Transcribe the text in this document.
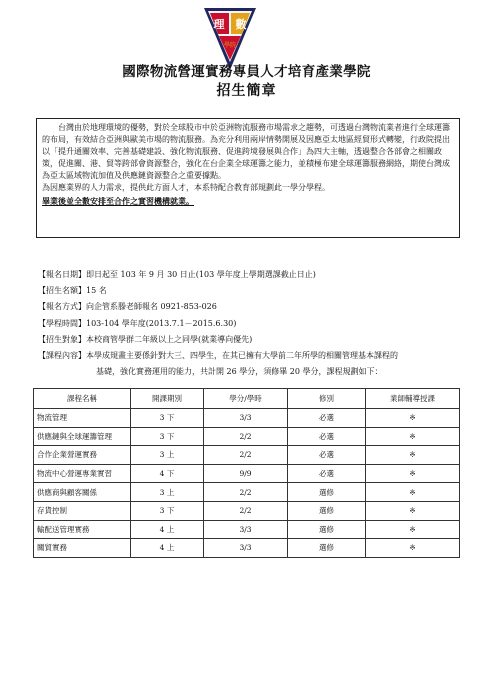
理 數
學院
國際物流營運實務專員人才培育產業學院
招生簡章

台灣由於地理環境的優勢，對於全球股市中於亞洲物流服務市場需求之趨勢，可透過台灣物流業者進行全球運籌的布局，有效結合亞洲與歐美市場的物流服務。為充分利用兩岸情勢開展及因應亞太地區經貿形式轉變，行政院提出以「提升通關效率、完善基礎建設、強化物流服務、促進跨境發展與合作」為四大主軸，透過整合各部會之相關政策，促進關、港、貿等跨部會資源整合，強化在台企業全球運籌之能力，並積極布建全球運籌服務網絡，期使台灣成為亞太區域物流加值及供應鏈資源整合之重要據點。

為因應業界的人力需求，提供此方面人才，本系特配合教育部規劃此一學分學程。

畢業後並全數安排至合作之實習機構就業。

【報名日期】即日起至 103 年 9 月 30 日止(103 學年度上學期選課截止日止)
【招生名額】15 名
【報名方式】向企管系滕老師報名 0921-853-026
【學程時間】103-104 學年度(2013.7.1－2015.6.30)
【招生對象】本校商管學群二年級以上之同學(就業導向優先)
【課程內容】本學成規畫主要係針對大三、四學生，在其已擁有大學前二年所學的相關管理基本課程的
基礎，強化實務運用的能力，共計開 26 學分，須修畢 20 學分，課程規劃如下：
課程名稱	開課期別	學分/學時	修別	業師輔導授課
物流管理	3 下	3/3	必選	※
供應鏈與全球運籌管理	3 下	2/2	必選	※
合作企業營運實務	3 上	2/2	必選	※
物流中心營運專業實習	4 下	9/9	必選	※
供應商與顧客關係	3 上	2/2	選修	※
存貨控制	3 下	2/2	選修	※
輸配送管理實務	4 上	3/3	選修	※
關貿實務	4 上	3/3	選修	※
